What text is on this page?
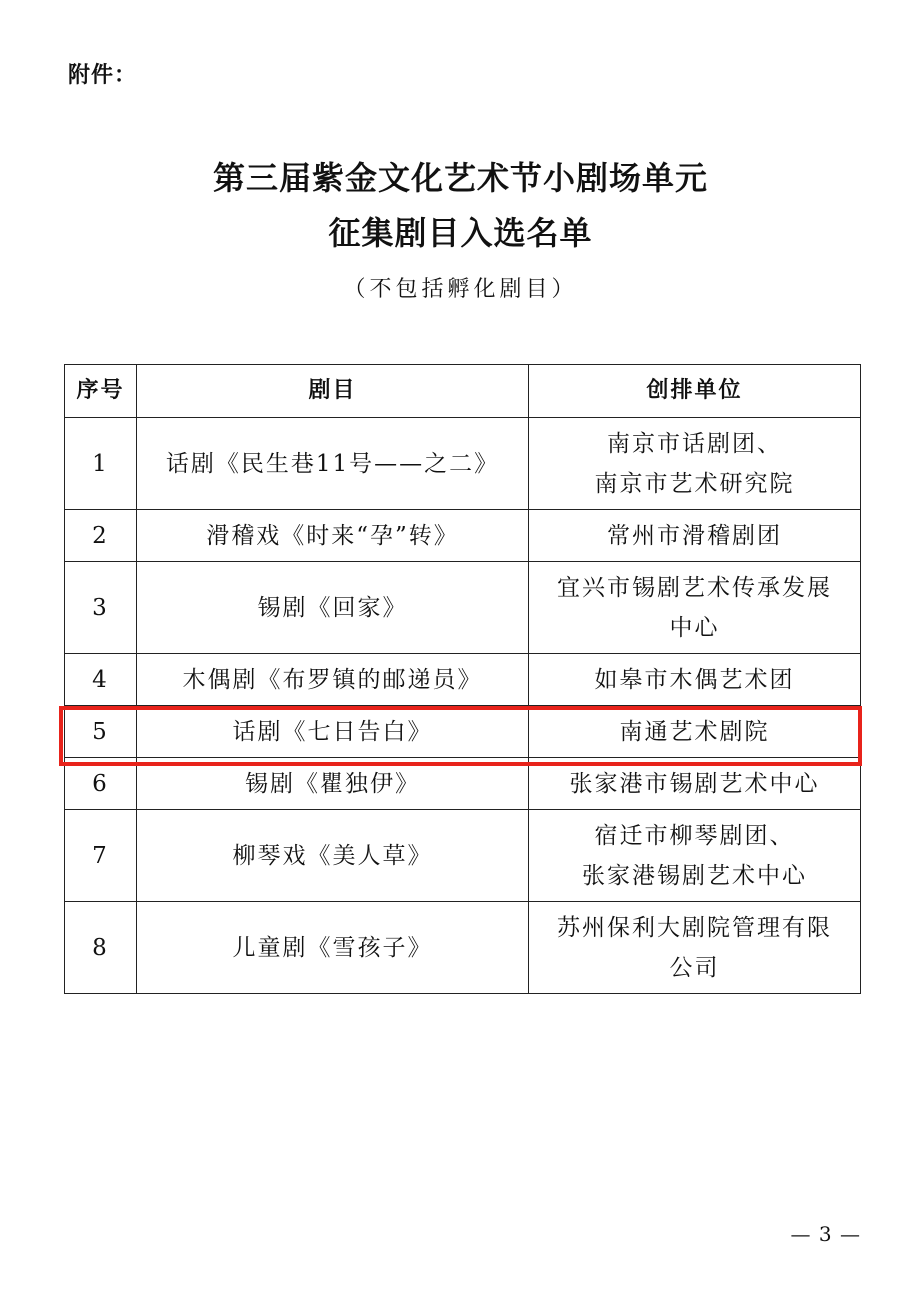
附件：
第三届紫金文化艺术节小剧场单元
征集剧目入选名单
（不包括孵化剧目）
序号	剧目	创排单位
1	话剧《民生巷11号——之二》	南京市话剧团、
南京市艺术研究院

2	滑稽戏《时来“孕”转》	常州市滑稽剧团

3	锡剧《回家》	宜兴市锡剧艺术传承发展
中心

4	木偶剧《布罗镇的邮递员》	如皋市木偶艺术团

5	话剧《七日告白》	南通艺术剧院

6	锡剧《瞿独伊》	张家港市锡剧艺术中心

7	柳琴戏《美人草》	宿迁市柳琴剧团、
张家港锡剧艺术中心

8	儿童剧《雪孩子》	苏州保利大剧院管理有限
公司
— 3 —
